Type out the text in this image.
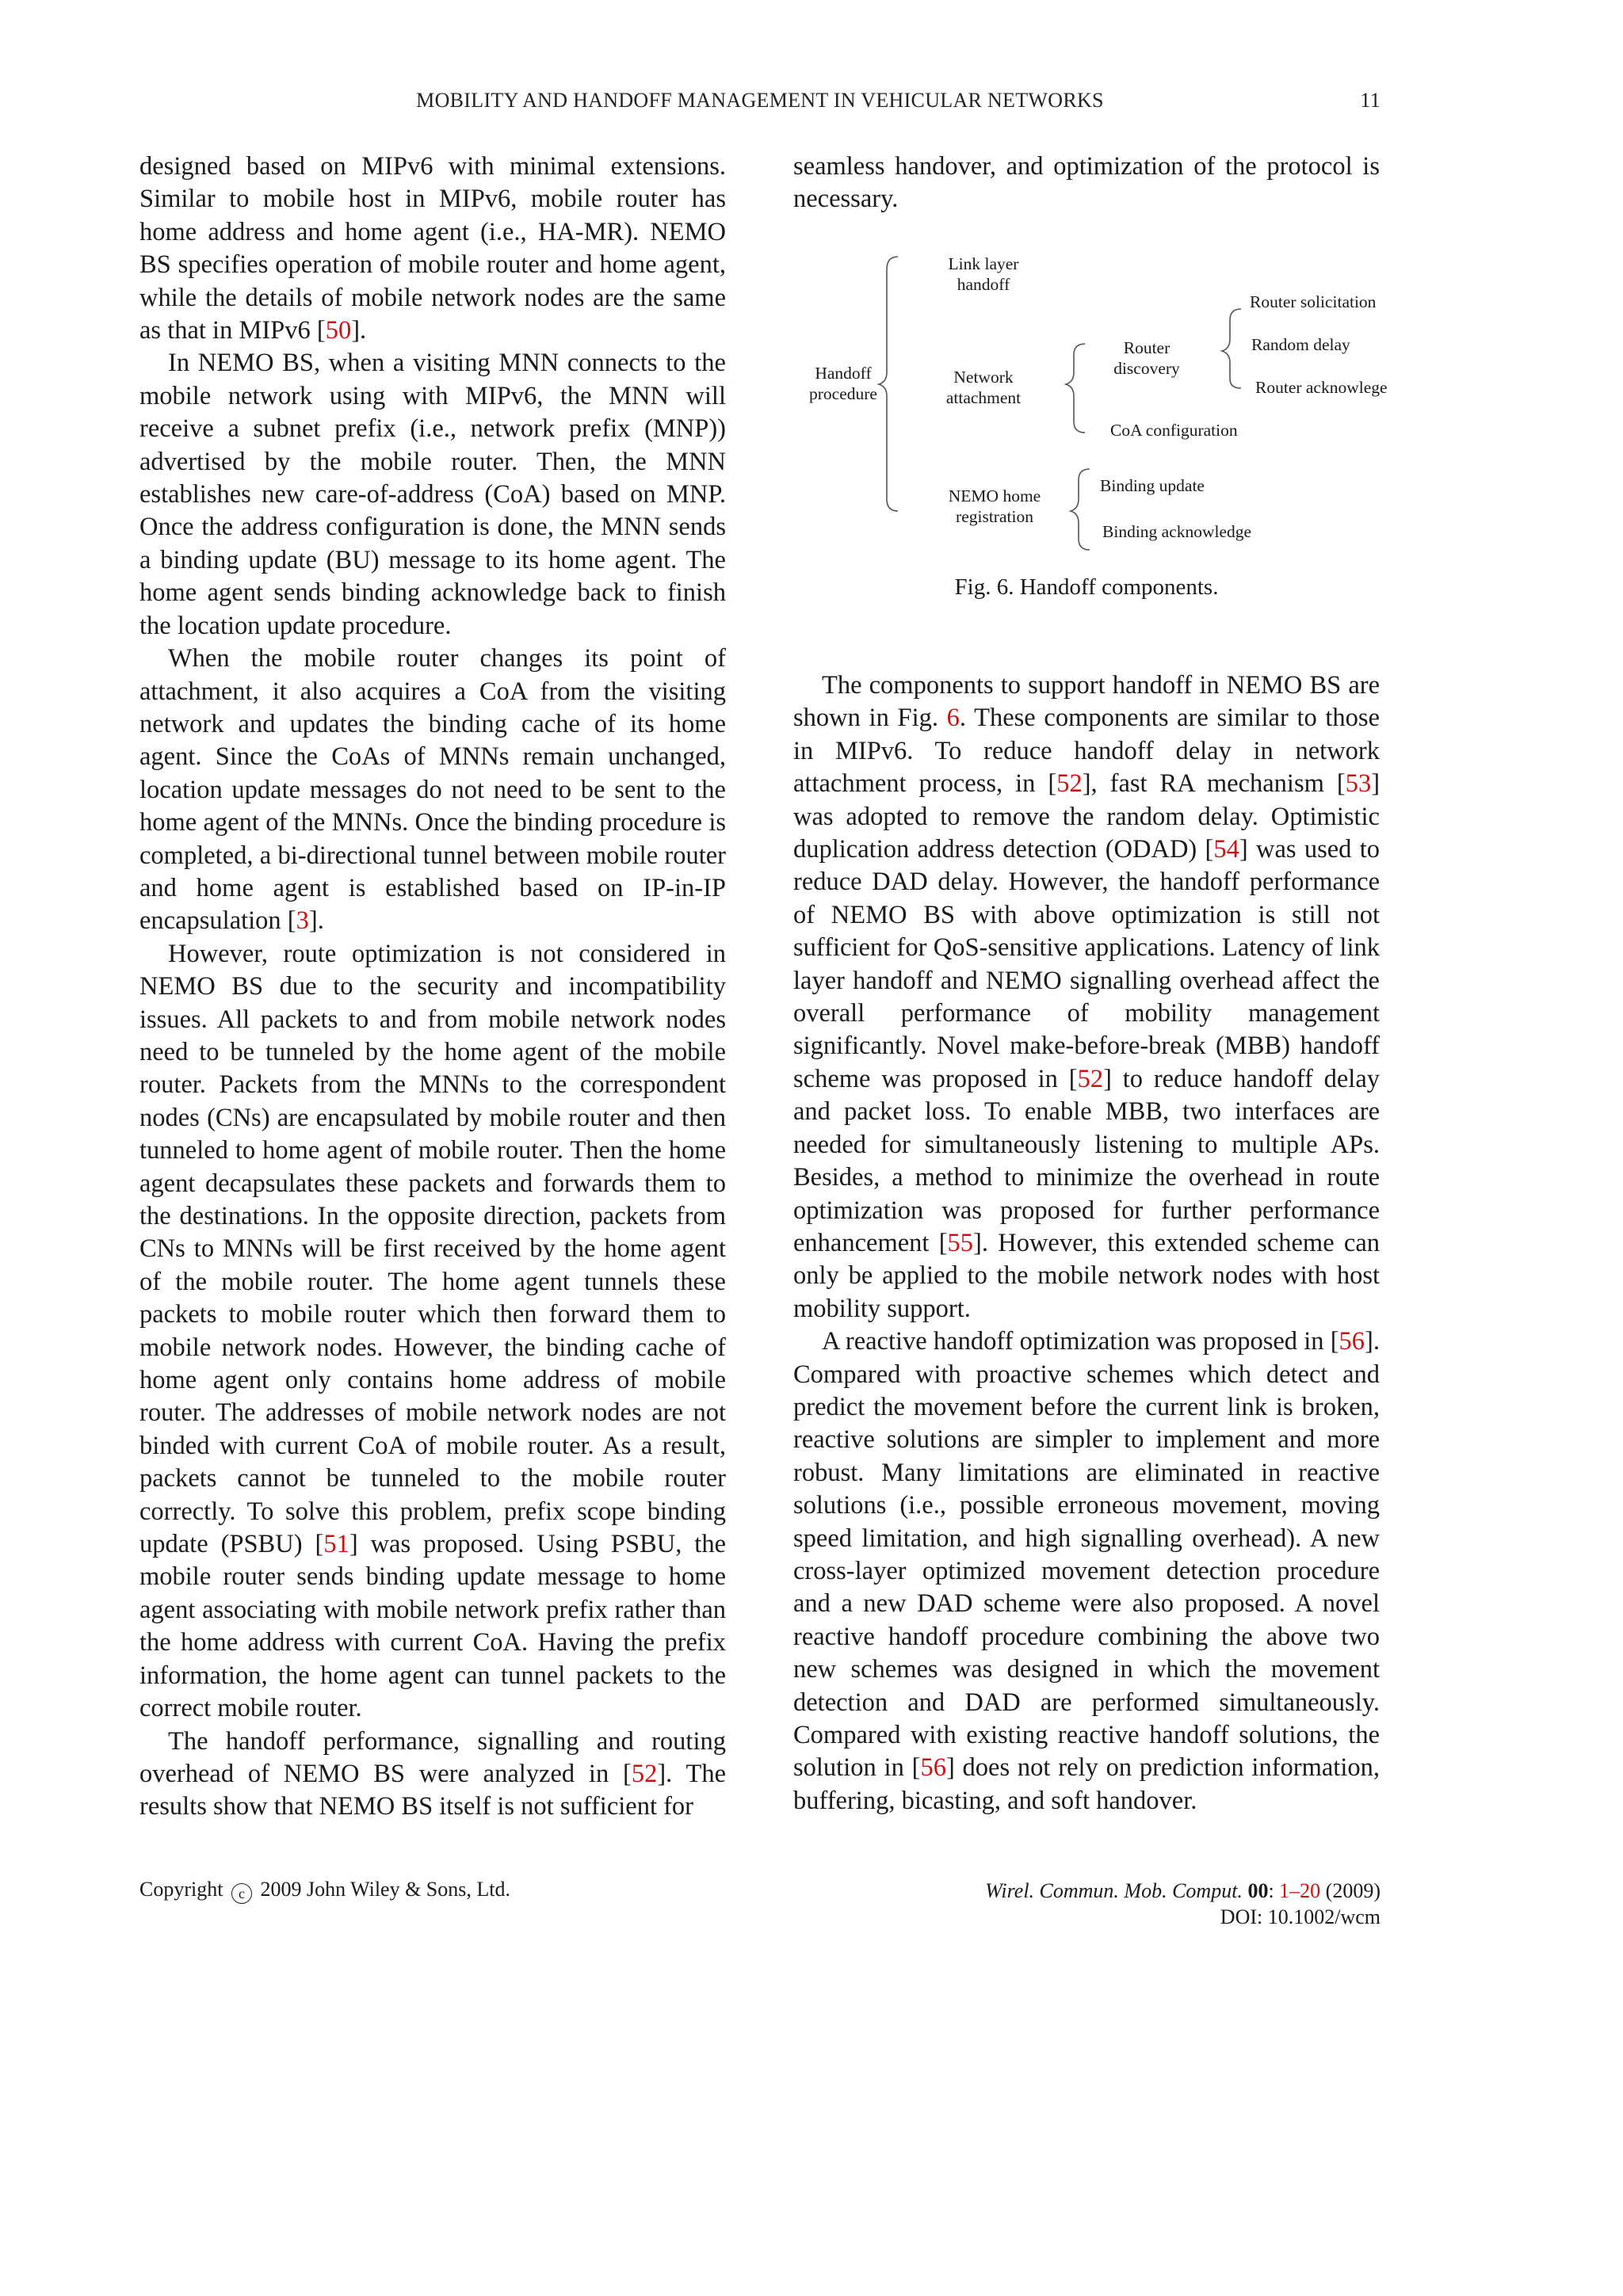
MOBILITY AND HANDOFF MANAGEMENT IN VEHICULAR NETWORKS	11

designed based on MIPv6 with minimal extensions. Similar to mobile host in MIPv6, mobile router has home address and home agent (i.e., HA-MR). NEMO BS specifies operation of mobile router and home agent, while the details of mobile network nodes are the same as that in MIPv6 [50].

In NEMO BS, when a visiting MNN connects to the mobile network using with MIPv6, the MNN will receive a subnet prefix (i.e., network prefix (MNP)) advertised by the mobile router. Then, the MNN establishes new care-of-address (CoA) based on MNP. Once the address configuration is done, the MNN sends a binding update (BU) message to its home agent. The home agent sends binding acknowledge back to finish the location update procedure.

When the mobile router changes its point of attachment, it also acquires a CoA from the visiting network and updates the binding cache of its home agent. Since the CoAs of MNNs remain unchanged, location update messages do not need to be sent to the home agent of the MNNs. Once the binding procedure is completed, a bi-directional tunnel between mobile router and home agent is established based on IP-in-IP encapsulation [3].

However, route optimization is not considered in NEMO BS due to the security and incompatibility issues. All packets to and from mobile network nodes need to be tunneled by the home agent of the mobile router. Packets from the MNNs to the correspondent nodes (CNs) are encapsulated by mobile router and then tunneled to home agent of mobile router. Then the home agent decapsulates these packets and forwards them to the destinations. In the opposite direction, packets from CNs to MNNs will be first received by the home agent of the mobile router. The home agent tunnels these packets to mobile router which then forward them to mobile network nodes. However, the binding cache of home agent only contains home address of mobile router. The addresses of mobile network nodes are not binded with current CoA of mobile router. As a result, packets cannot be tunneled to the mobile router correctly. To solve this problem, prefix scope binding update (PSBU) [51] was proposed. Using PSBU, the mobile router sends binding update message to home agent associating with mobile network prefix rather than the home address with current CoA. Having the prefix information, the home agent can tunnel packets to the correct mobile router.

The handoff performance, signalling and routing overhead of NEMO BS were analyzed in [52]. The results show that NEMO BS itself is not sufficient for

seamless handover, and optimization of the protocol is necessary.

Handoff
procedure
Link layer
handoff
Network
attachment
NEMO home
registration
Router
discovery
Router solicitation
Random delay
Router acknowlege
CoA configuration
Binding update
Binding acknowledge
Fig. 6. Handoff components.

The components to support handoff in NEMO BS are shown in Fig. 6. These components are similar to those in MIPv6. To reduce handoff delay in network attachment process, in [52], fast RA mechanism [53] was adopted to remove the random delay. Optimistic duplication address detection (ODAD) [54] was used to reduce DAD delay. However, the handoff performance of NEMO BS with above optimization is still not sufficient for QoS-sensitive applications. Latency of link layer handoff and NEMO signalling overhead affect the overall performance of mobility management significantly. Novel make-before-break (MBB) handoff scheme was proposed in [52] to reduce handoff delay and packet loss. To enable MBB, two interfaces are needed for simultaneously listening to multiple APs. Besides, a method to minimize the overhead in route optimization was proposed for further performance enhancement [55]. However, this extended scheme can only be applied to the mobile network nodes with host mobility support.

A reactive handoff optimization was proposed in [56]. Compared with proactive schemes which detect and predict the movement before the current link is broken, reactive solutions are simpler to implement and more robust. Many limitations are eliminated in reactive solutions (i.e., possible erroneous movement, moving speed limitation, and high signalling overhead). A new cross-layer optimized movement detection procedure and a new DAD scheme were also proposed. A novel reactive handoff procedure combining the above two new schemes was designed in which the movement detection and DAD are performed simultaneously. Compared with existing reactive handoff solutions, the solution in [56] does not rely on prediction information, buffering, bicasting, and soft handover.

Copyright c 2009 John Wiley & Sons, Ltd.	Wirel. Commun. Mob. Comput. 00: 1–20 (2009)
DOI: 10.1002/wcm
